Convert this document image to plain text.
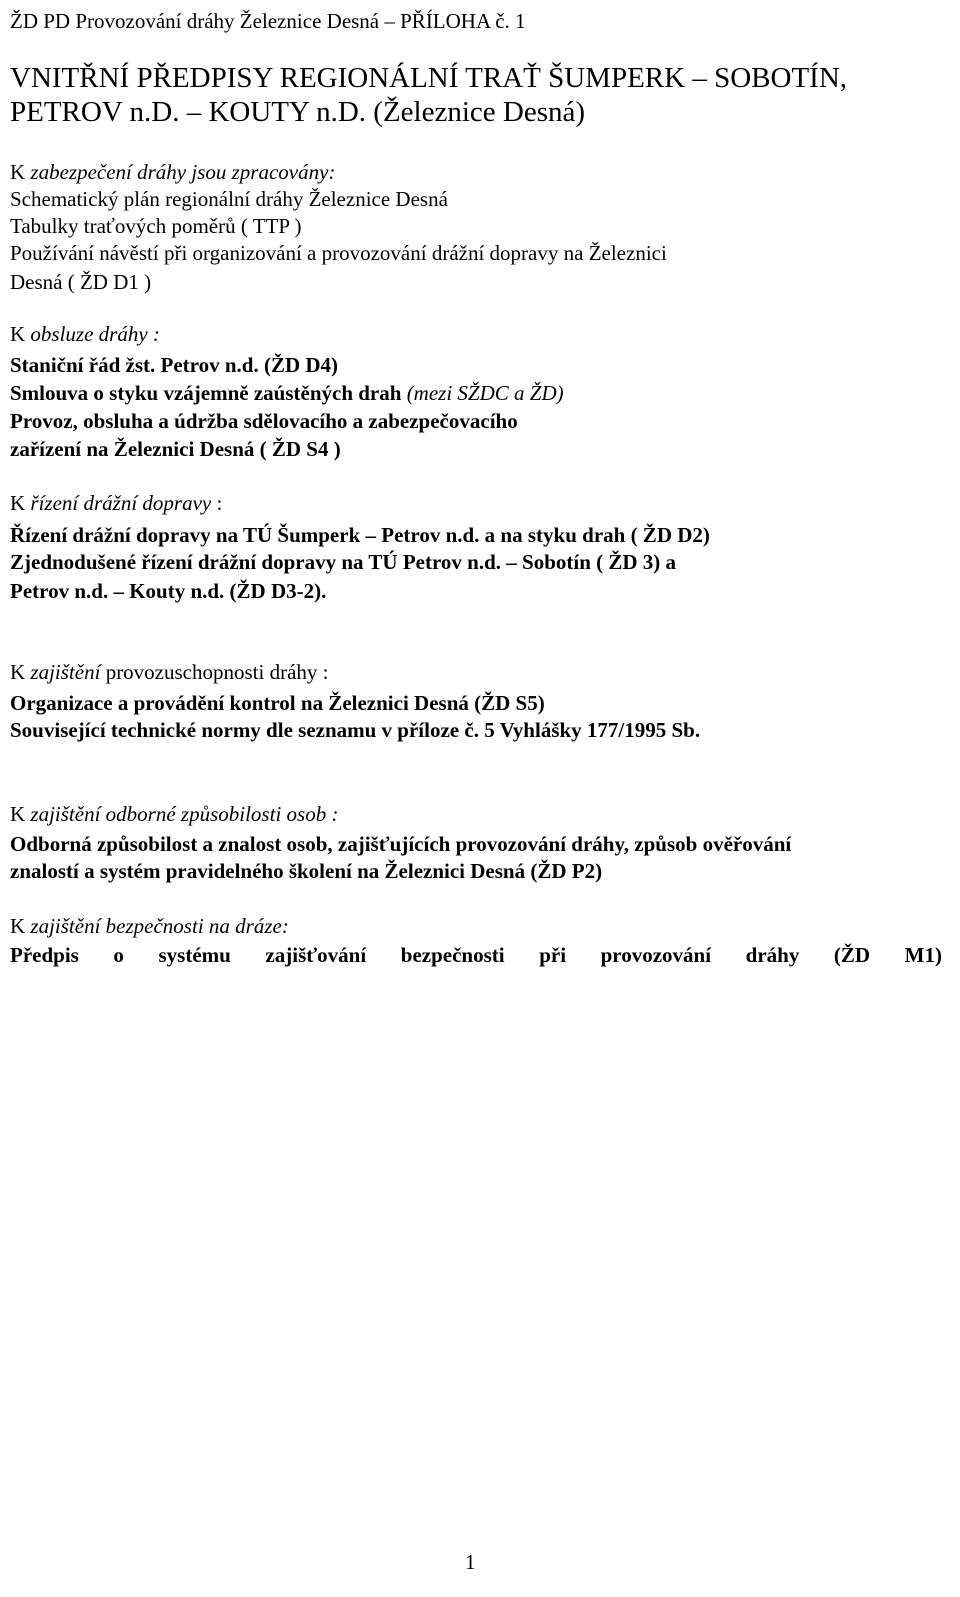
ŽD PD Provozování dráhy Železnice Desná – PŘÍLOHA č. 1
VNITŘNÍ PŘEDPISY REGIONÁLNÍ TRAŤ ŠUMPERK – SOBOTÍN,
PETROV n.D. – KOUTY n.D. (Železnice Desná)
K zabezpečení dráhy jsou zpracovány:
Schematický plán regionální dráhy Železnice Desná
Tabulky traťových poměrů ( TTP )
Používání návěstí při organizování a provozování drážní dopravy na Železnici
Desná ( ŽD D1 )
K obsluze dráhy :
Staniční řád žst. Petrov n.d. (ŽD D4)
Smlouva o styku vzájemně zaústěných drah (mezi SŽDC a ŽD)
Provoz, obsluha a údržba sdělovacího a zabezpečovacího
zařízení na Železnici Desná ( ŽD S4 )
K řízení drážní dopravy :
Řízení drážní dopravy na TÚ Šumperk – Petrov n.d. a na styku drah ( ŽD D2)
Zjednodušené řízení drážní dopravy na TÚ Petrov n.d. – Sobotín ( ŽD 3) a
Petrov n.d. – Kouty n.d. (ŽD D3-2).
K zajištění provozuschopnosti dráhy :
Organizace a provádění kontrol na Železnici Desná (ŽD S5)
Související technické normy dle seznamu v příloze č. 5 Vyhlášky 177/1995 Sb.
K zajištění odborné způsobilosti osob :
Odborná způsobilost a znalost osob, zajišťujících provozování dráhy, způsob ověřování
znalostí a systém pravidelného školení na Železnici Desná (ŽD P2)
K zajištění bezpečnosti na dráze:
Předpis o systému zajišťování bezpečnosti při provozování dráhy (ŽD M1)
1
